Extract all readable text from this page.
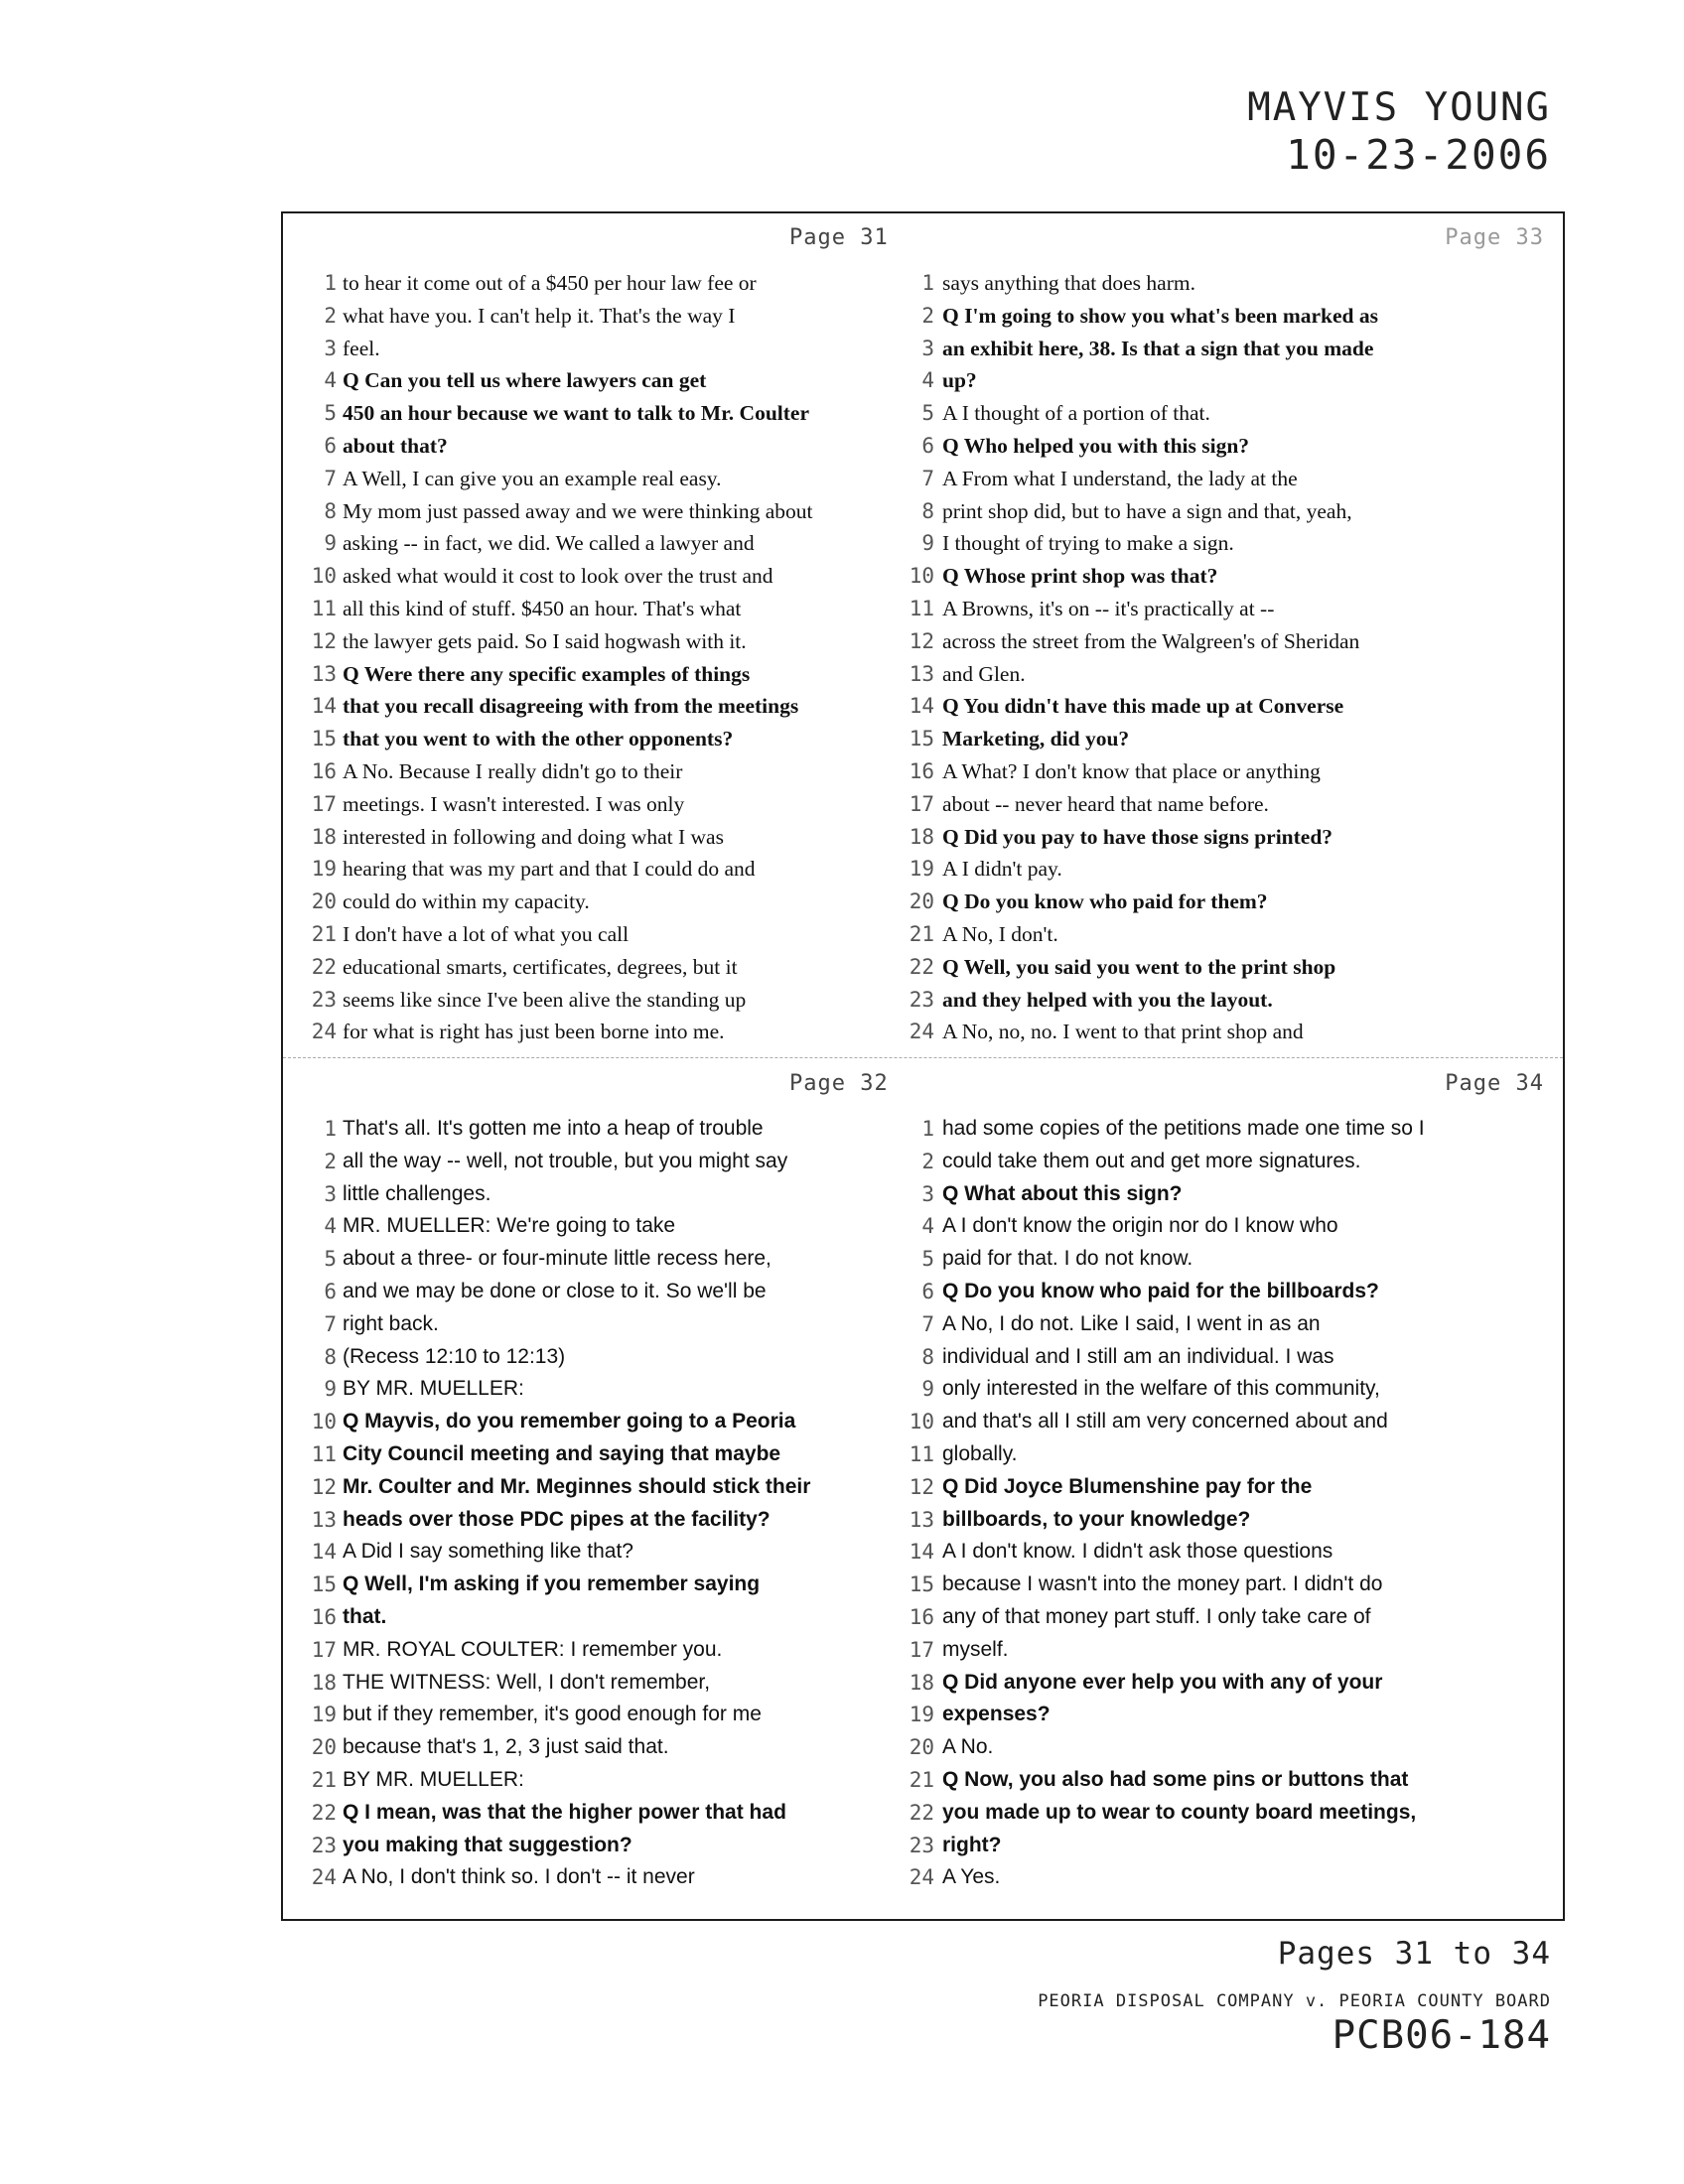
MAYVIS YOUNG
10-23-2006
Page 31
1 to hear it come out of a $450 per hour law fee or
2 what have you. I can't help it. That's the way I
3 feel.
4 Q Can you tell us where lawyers can get
5 450 an hour because we want to talk to Mr. Coulter
6 about that?
7 A Well, I can give you an example real easy.
8 My mom just passed away and we were thinking about
9 asking -- in fact, we did. We called a lawyer and
10 asked what would it cost to look over the trust and
11 all this kind of stuff. $450 an hour. That's what
12 the lawyer gets paid. So I said hogwash with it.
13 Q Were there any specific examples of things
14 that you recall disagreeing with from the meetings
15 that you went to with the other opponents?
16 A No. Because I really didn't go to their
17 meetings. I wasn't interested. I was only
18 interested in following and doing what I was
19 hearing that was my part and that I could do and
20 could do within my capacity.
21 I don't have a lot of what you call
22 educational smarts, certificates, degrees, but it
23 seems like since I've been alive the standing up
24 for what is right has just been borne into me.
Page 33
1 says anything that does harm.
2 Q I'm going to show you what's been marked as
3 an exhibit here, 38. Is that a sign that you made
4 up?
5 A I thought of a portion of that.
6 Q Who helped you with this sign?
7 A From what I understand, the lady at the
8 print shop did, but to have a sign and that, yeah,
9 I thought of trying to make a sign.
10 Q Whose print shop was that?
11 A Browns, it's on -- it's practically at --
12 across the street from the Walgreen's of Sheridan
13 and Glen.
14 Q You didn't have this made up at Converse
15 Marketing, did you?
16 A What? I don't know that place or anything
17 about -- never heard that name before.
18 Q Did you pay to have those signs printed?
19 A I didn't pay.
20 Q Do you know who paid for them?
21 A No, I don't.
22 Q Well, you said you went to the print shop
23 and they helped with you the layout.
24 A No, no, no. I went to that print shop and
Page 32
1 That's all. It's gotten me into a heap of trouble
2 all the way -- well, not trouble, but you might say
3 little challenges.
4 MR. MUELLER: We're going to take
5 about a three- or four-minute little recess here,
6 and we may be done or close to it. So we'll be
7 right back.
8 (Recess 12:10 to 12:13)
9 BY MR. MUELLER:
10 Q Mayvis, do you remember going to a Peoria
11 City Council meeting and saying that maybe
12 Mr. Coulter and Mr. Meginnes should stick their
13 heads over those PDC pipes at the facility?
14 A Did I say something like that?
15 Q Well, I'm asking if you remember saying
16 that.
17 MR. ROYAL COULTER: I remember you.
18 THE WITNESS: Well, I don't remember,
19 but if they remember, it's good enough for me
20 because that's 1, 2, 3 just said that.
21 BY MR. MUELLER:
22 Q I mean, was that the higher power that had
23 you making that suggestion?
24 A No, I don't think so. I don't -- it never
Page 34
1 had some copies of the petitions made one time so I
2 could take them out and get more signatures.
3 Q What about this sign?
4 A I don't know the origin nor do I know who
5 paid for that. I do not know.
6 Q Do you know who paid for the billboards?
7 A No, I do not. Like I said, I went in as an
8 individual and I still am an individual. I was
9 only interested in the welfare of this community,
10 and that's all I still am very concerned about and
11 globally.
12 Q Did Joyce Blumenshine pay for the
13 billboards, to your knowledge?
14 A I don't know. I didn't ask those questions
15 because I wasn't into the money part. I didn't do
16 any of that money part stuff. I only take care of
17 myself.
18 Q Did anyone ever help you with any of your
19 expenses?
20 A No.
21 Q Now, you also had some pins or buttons that
22 you made up to wear to county board meetings,
23 right?
24 A Yes.
Pages 31 to 34
PEORIA DISPOSAL COMPANY v. PEORIA COUNTY BOARD
PCB06-184
